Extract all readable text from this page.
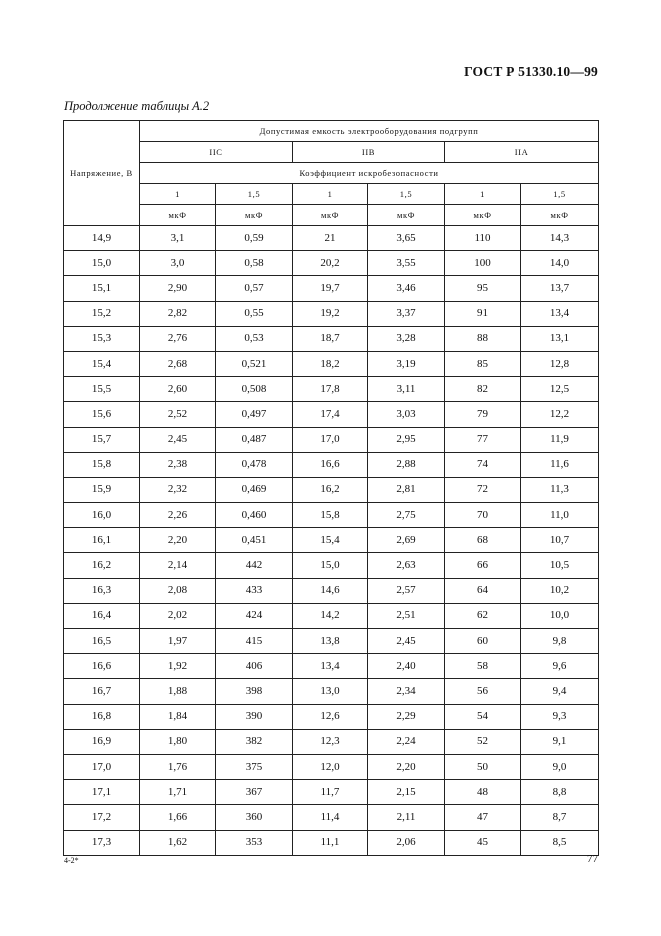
ГОСТ Р 51330.10—99
Продолжение таблицы А.2
Напряжение, В	Допустимая емкость электрооборудования подгрупп					
	IIС		IIВ		IIА	
	Коэффициент искробезопасности					
	1	1,5	1	1,5	1	1,5
	мкФ	мкФ	мкФ	мкФ	мкФ	мкФ
14,9	3,1	0,59	21	3,65	110	14,3
15,0	3,0	0,58	20,2	3,55	100	14,0
15,1	2,90	0,57	19,7	3,46	95	13,7
15,2	2,82	0,55	19,2	3,37	91	13,4
15,3	2,76	0,53	18,7	3,28	88	13,1
15,4	2,68	0,521	18,2	3,19	85	12,8
15,5	2,60	0,508	17,8	3,11	82	12,5
15,6	2,52	0,497	17,4	3,03	79	12,2
15,7	2,45	0,487	17,0	2,95	77	11,9
15,8	2,38	0,478	16,6	2,88	74	11,6
15,9	2,32	0,469	16,2	2,81	72	11,3
16,0	2,26	0,460	15,8	2,75	70	11,0
16,1	2,20	0,451	15,4	2,69	68	10,7
16,2	2,14	442	15,0	2,63	66	10,5
16,3	2,08	433	14,6	2,57	64	10,2
16,4	2,02	424	14,2	2,51	62	10,0
16,5	1,97	415	13,8	2,45	60	9,8
16,6	1,92	406	13,4	2,40	58	9,6
16,7	1,88	398	13,0	2,34	56	9,4
16,8	1,84	390	12,6	2,29	54	9,3
16,9	1,80	382	12,3	2,24	52	9,1
17,0	1,76	375	12,0	2,20	50	9,0
17,1	1,71	367	11,7	2,15	48	8,8
17,2	1,66	360	11,4	2,11	47	8,7
17,3	1,62	353	11,1	2,06	45	8,5
4-2*	77
